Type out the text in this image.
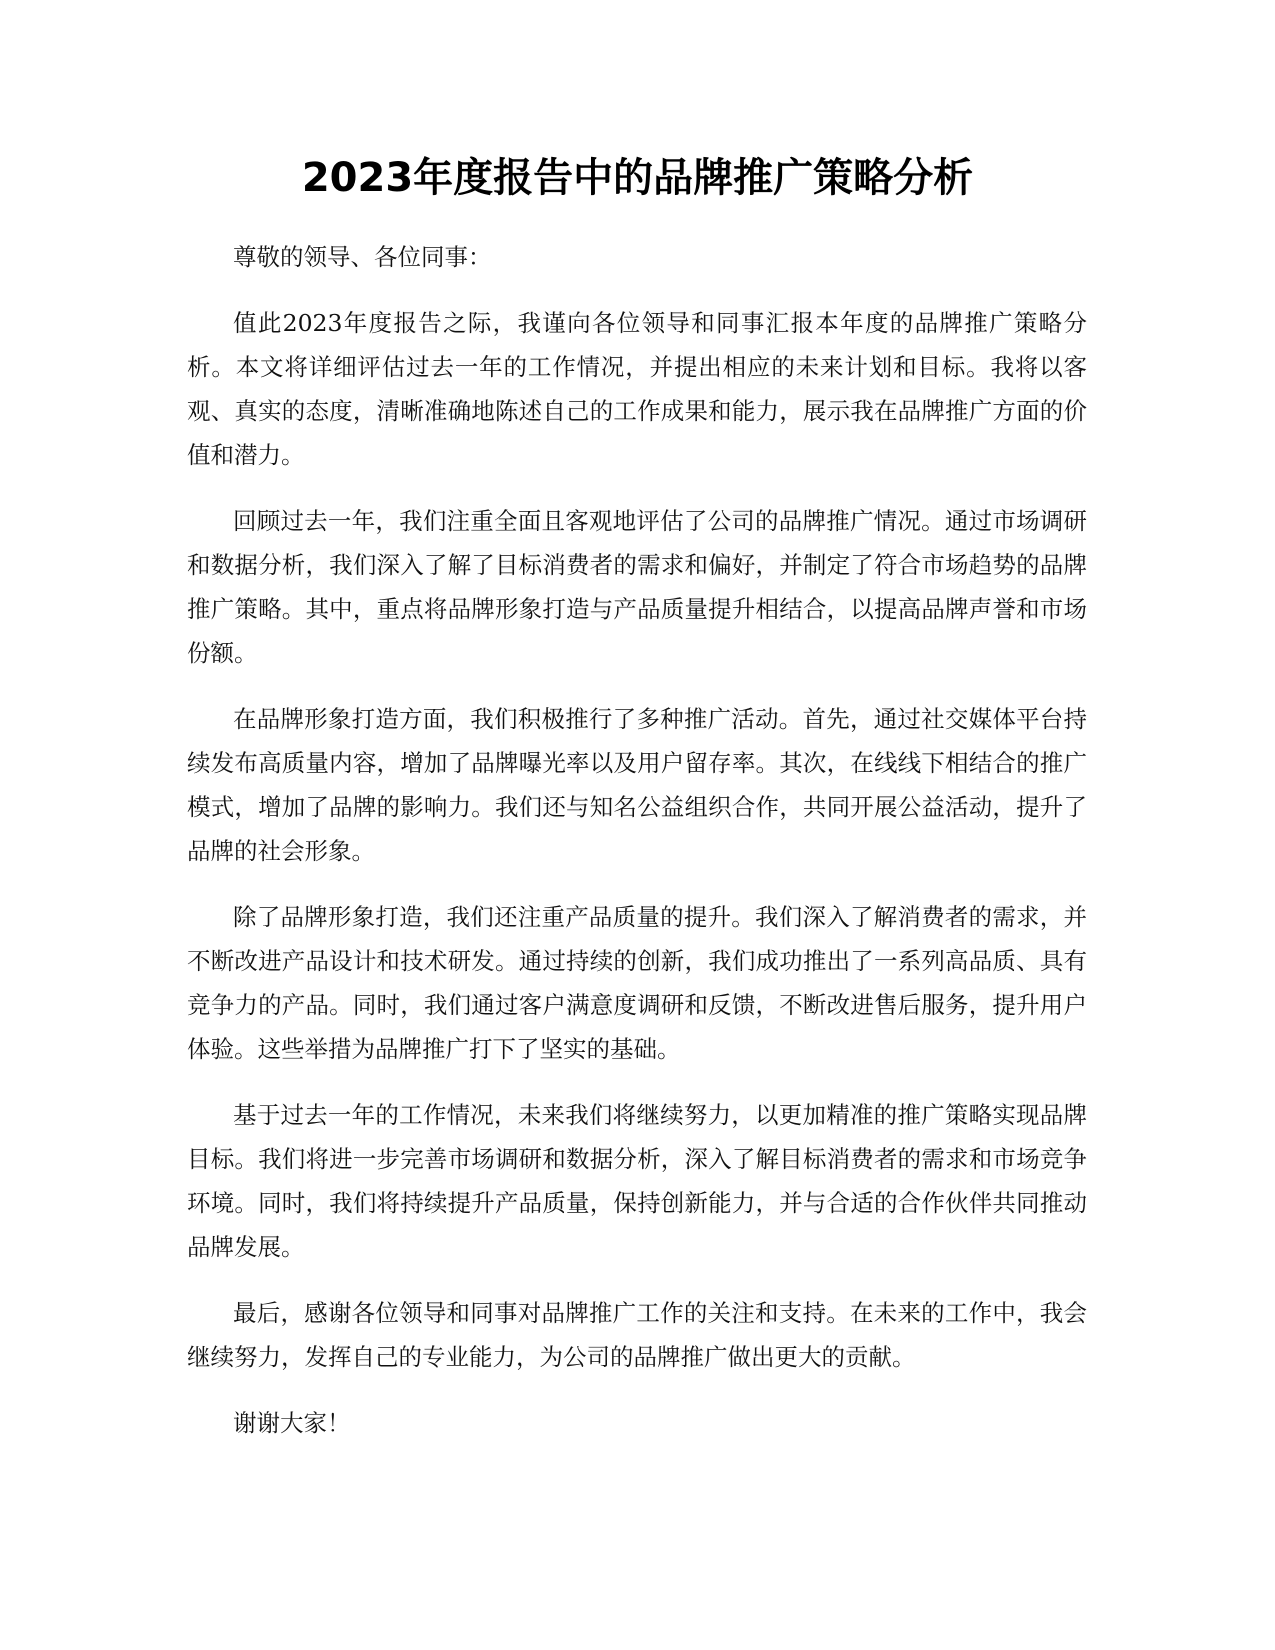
2023年度报告中的品牌推广策略分析

尊敬的领导、各位同事：

值此2023年度报告之际，我谨向各位领导和同事汇报本年度的品牌推广策略分析。本文将详细评估过去一年的工作情况，并提出相应的未来计划和目标。我将以客观、真实的态度，清晰准确地陈述自己的工作成果和能力，展示我在品牌推广方面的价值和潜力。

回顾过去一年，我们注重全面且客观地评估了公司的品牌推广情况。通过市场调研和数据分析，我们深入了解了目标消费者的需求和偏好，并制定了符合市场趋势的品牌推广策略。其中，重点将品牌形象打造与产品质量提升相结合，以提高品牌声誉和市场份额。

在品牌形象打造方面，我们积极推行了多种推广活动。首先，通过社交媒体平台持续发布高质量内容，增加了品牌曝光率以及用户留存率。其次，在线线下相结合的推广模式，增加了品牌的影响力。我们还与知名公益组织合作，共同开展公益活动，提升了品牌的社会形象。

除了品牌形象打造，我们还注重产品质量的提升。我们深入了解消费者的需求，并不断改进产品设计和技术研发。通过持续的创新，我们成功推出了一系列高品质、具有竞争力的产品。同时，我们通过客户满意度调研和反馈，不断改进售后服务，提升用户体验。这些举措为品牌推广打下了坚实的基础。

基于过去一年的工作情况，未来我们将继续努力，以更加精准的推广策略实现品牌目标。我们将进一步完善市场调研和数据分析，深入了解目标消费者的需求和市场竞争环境。同时，我们将持续提升产品质量，保持创新能力，并与合适的合作伙伴共同推动品牌发展。

最后，感谢各位领导和同事对品牌推广工作的关注和支持。在未来的工作中，我会继续努力，发挥自己的专业能力，为公司的品牌推广做出更大的贡献。

谢谢大家！
